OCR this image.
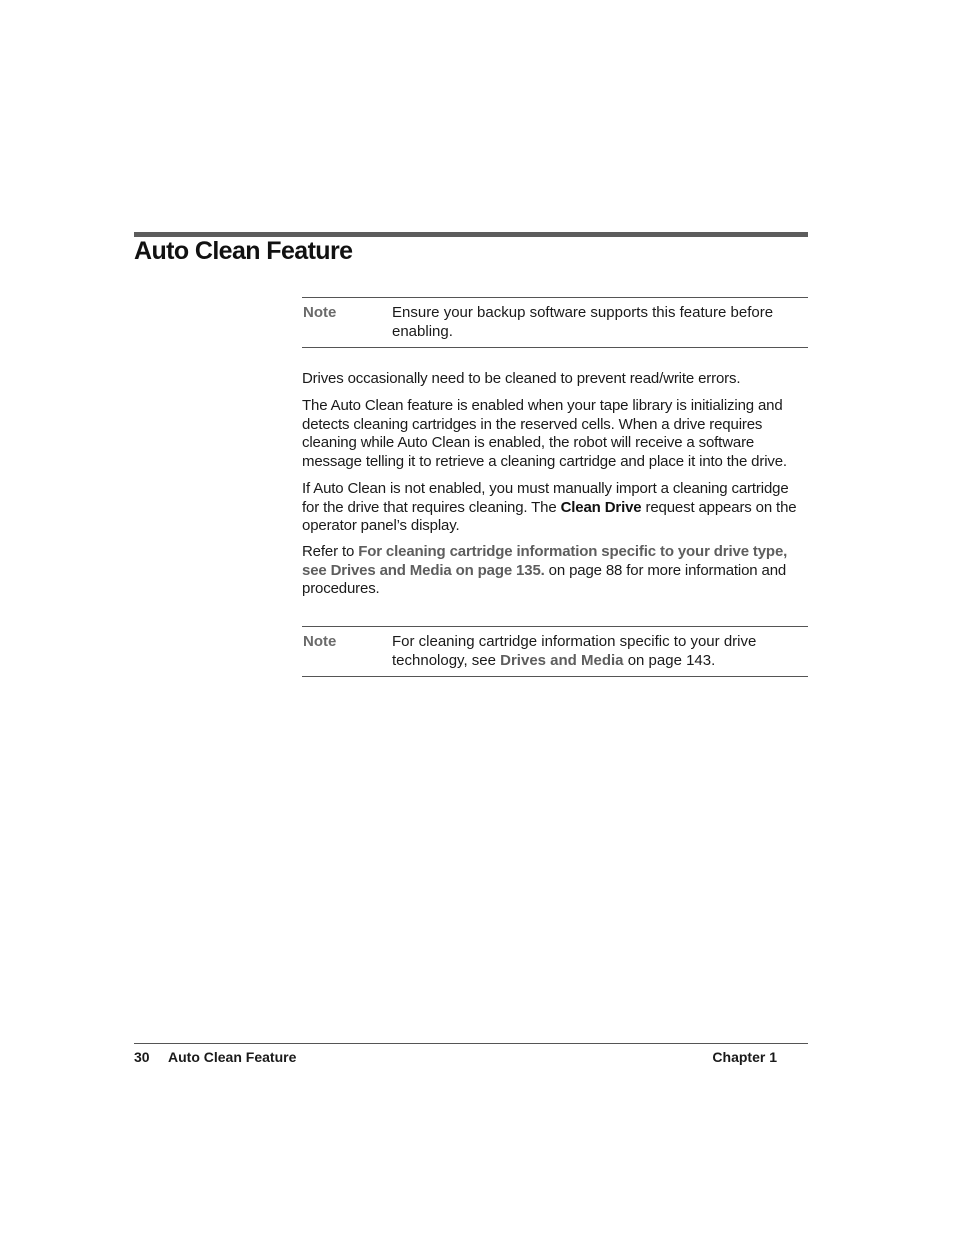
Auto Clean Feature
Note	Ensure your backup software supports this feature before enabling.

Drives occasionally need to be cleaned to prevent read/write errors.

The Auto Clean feature is enabled when your tape library is initializing and detects cleaning cartridges in the reserved cells. When a drive requires cleaning while Auto Clean is enabled, the robot will receive a software message telling it to retrieve a cleaning cartridge and place it into the drive.

If Auto Clean is not enabled, you must manually import a cleaning cartridge for the drive that requires cleaning. The Clean Drive request appears on the operator panel’s display.

Refer to For cleaning cartridge information specific to your drive type, see Drives and Media on page 135. on page 88 for more information and procedures.

Note	For cleaning cartridge information specific to your drive technology, see Drives and Media on page 143.
30 Auto Clean Feature	Chapter 1
